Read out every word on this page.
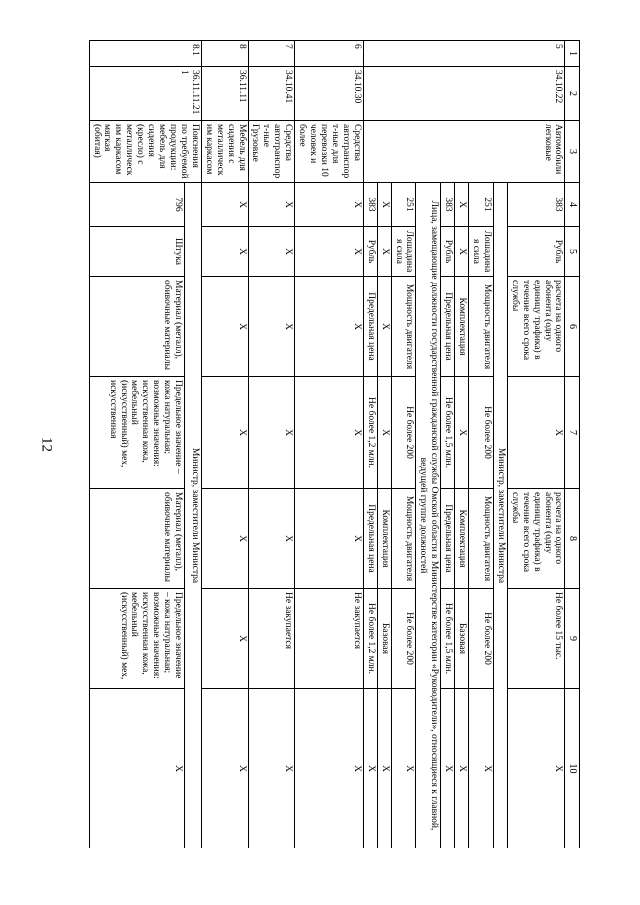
12
1	2	3	4	5	6	7	8	9	10
5	34.10.22	Автомобили легковые	383	Рубль	расчета на одного абонента (одну единицу трафика) в течение всего срока службы	X	расчета на одного абонента (одну единицу трафика) в течение всего срока службы	Не более 15 тыс.	X
			Министр, заместители Министра						
			251	Лошадиная сила	Мощность двигателя	Не более 200	Мощность двигателя	Не более 200	X
			X	X	Комплектация	X	Комплектация	Базовая	X
			383	Рубль	Предельная цена	Не более 1,5 млн.	Предельная цена	Не более 1,5 млн.	X
			Лица, замещающие должности государственной гражданской службы Омской области в Министерстве категории «Руководители», относящиеся к главной, ведущей группе должностей						
			251	Лошадиная сила	Мощность двигателя	Не более 200	Мощность двигателя	Не более 200	X
			X	X	X	X	Комплектация	Базовая	X
			383	Рубль	Предельная цена	Не более 1,2 млн.	Предельная цена	Не более 1,2 млн.	X
6	34.10.30	Средства автотранспорт-ные для перевозки 10 человек и более	X	X	X	X	X	Не закупается	X
7	34.10.41	Средства автотранспорт-ные Грузовые	X	X	X	X	X	Не закупается	X
8	36.11.11	Мебель для сидения с металлическим каркасом	X	X	X	X	X	X	X
8.1	36.11.11.211	Пояснения по требуемой продукции: мебель для сидения (кресло) с металлическим каркасом мягкая (обитая)	Министр, заместители Министра						
			796	Штука	Материал (металл), обивочные материалы	Предельное значение – кожа натуральная; возможные значения: искусственная кожа, мебельный (искусственный) мех, искусственная	Материал (металл), обивочные материалы	Предельное значение – кожа натуральная; возможные значения: искусственная кожа, мебельный (искусственный) мех,	X
